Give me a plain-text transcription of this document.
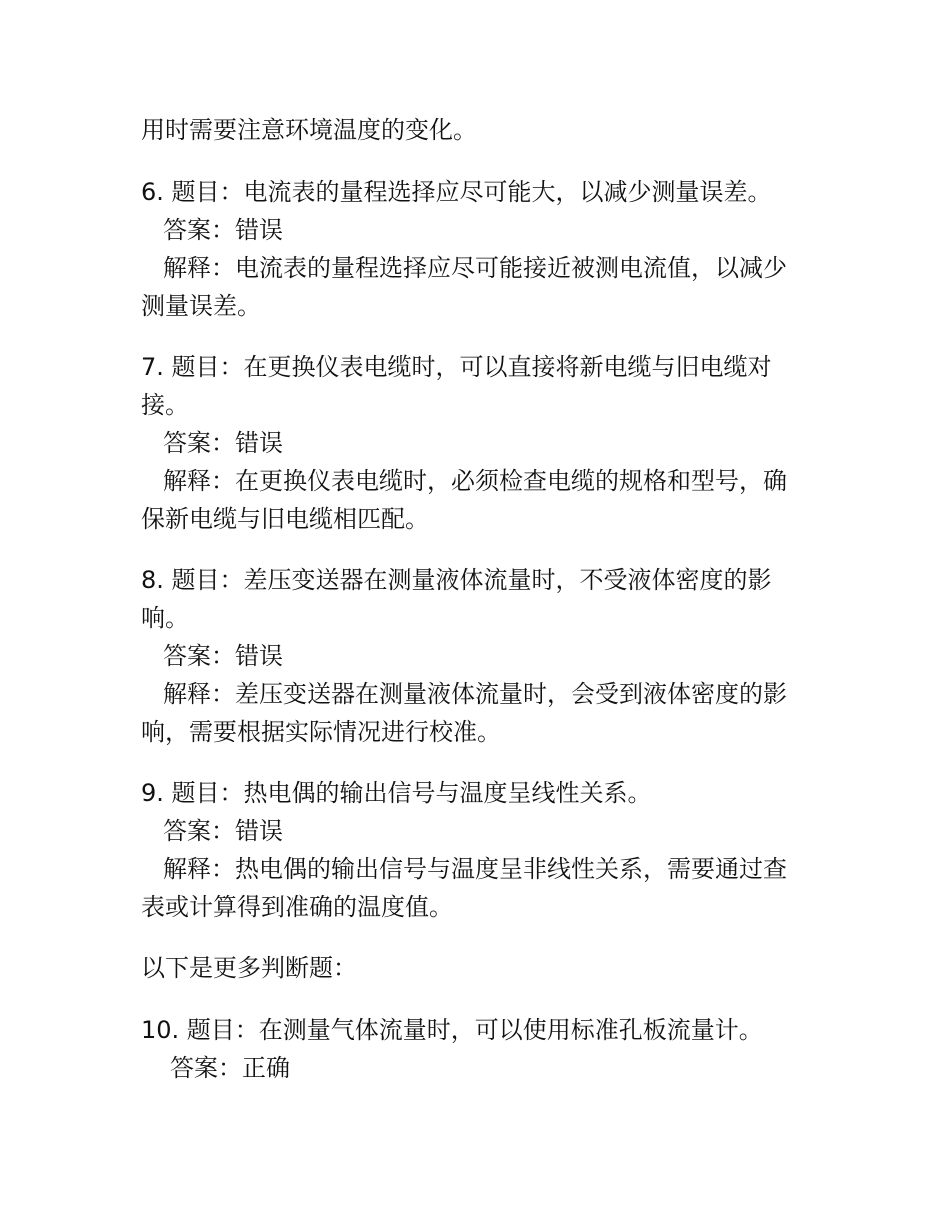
用时需要注意环境温度的变化。
6. 题目：电流表的量程选择应尽可能大，以减少测量误差。
答案：错误
解释：电流表的量程选择应尽可能接近被测电流值，以减少
测量误差。
7. 题目：在更换仪表电缆时，可以直接将新电缆与旧电缆对
接。
答案：错误
解释：在更换仪表电缆时，必须检查电缆的规格和型号，确
保新电缆与旧电缆相匹配。
8. 题目：差压变送器在测量液体流量时，不受液体密度的影
响。
答案：错误
解释：差压变送器在测量液体流量时，会受到液体密度的影
响，需要根据实际情况进行校准。
9. 题目：热电偶的输出信号与温度呈线性关系。
答案：错误
解释：热电偶的输出信号与温度呈非线性关系，需要通过查
表或计算得到准确的温度值。
以下是更多判断题：
10. 题目：在测量气体流量时，可以使用标准孔板流量计。
答案：正确
